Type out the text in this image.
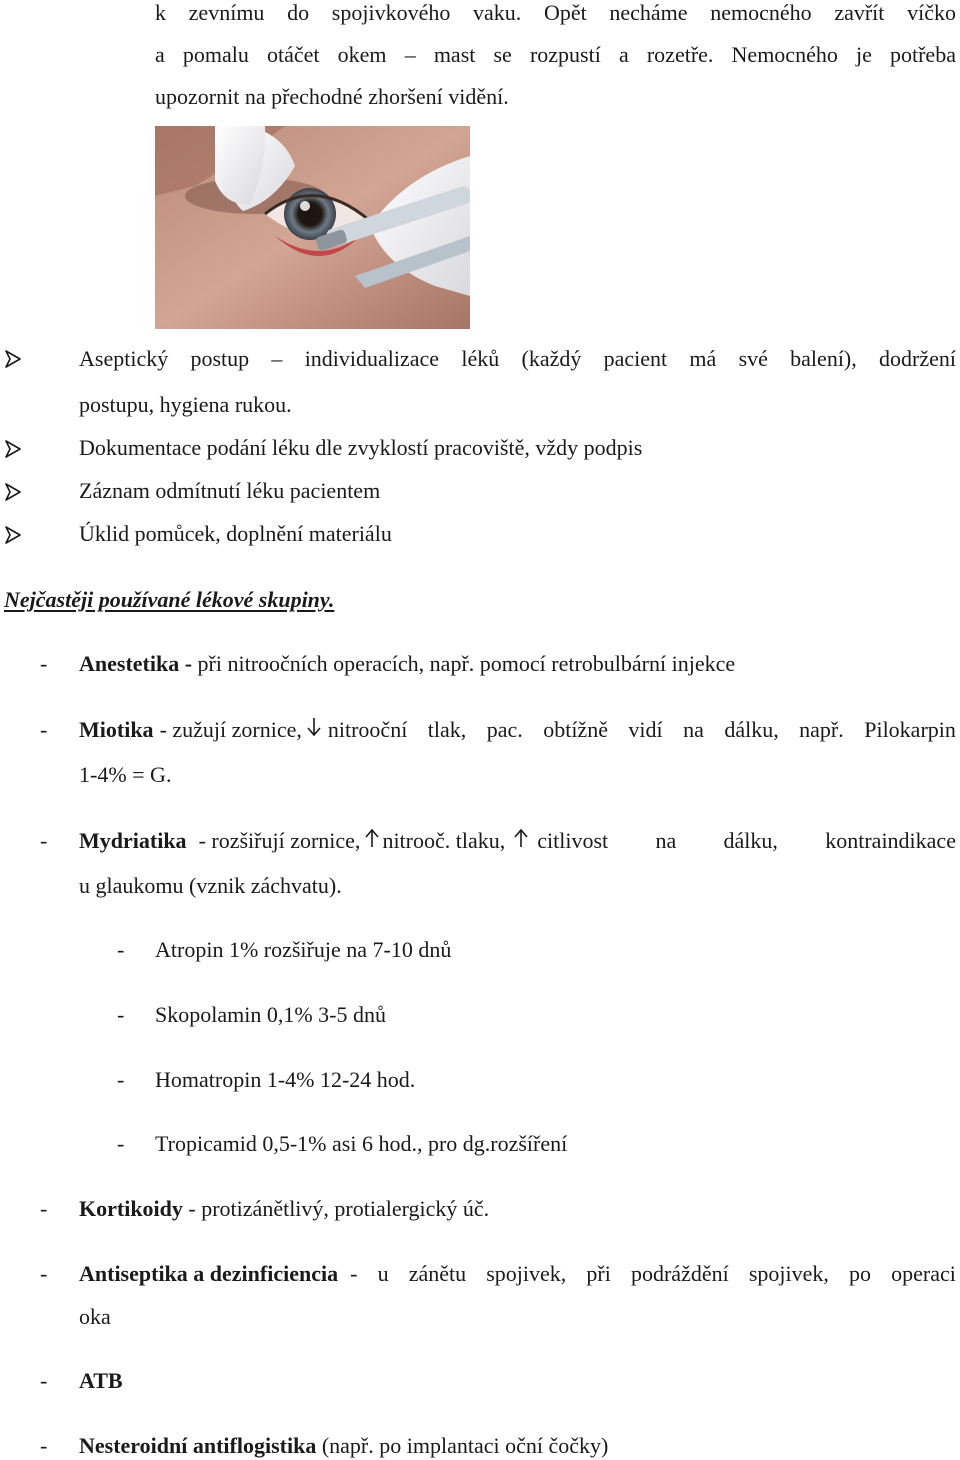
k zevnímu do spojivkového vaku. Opět necháme nemocného zavřít víčko
a pomalu otáčet okem – mast se rozpustí a rozetře. Nemocného je potřeba
upozornit na přechodné zhoršení vidění.
Aseptický postup – individualizace léků (každý pacient má své balení), dodržení
postupu, hygiena rukou.
Dokumentace podání léku dle zvyklostí pracoviště, vždy podpis
Záznam odmítnutí léku pacientem
Úklid pomůcek, doplnění materiálu
Nejčastěji používané lékové skupiny.
- Anestetika - při nitroočních operacích, např. pomocí retrobulbární injekce
- Miotika - zužují zornice, nitrooční tlak, pac. obtížně vidí na dálku, např. Pilokarpin
1-4% = G.
- Mydriatika - rozšiřují zornice, nitrooč. tlaku, citlivost na dálku, kontraindikace
u glaukomu (vznik záchvatu).
- Atropin 1% rozšiřuje na 7-10 dnů
- Skopolamin 0,1% 3-5 dnů
- Homatropin 1-4% 12-24 hod.
- Tropicamid 0,5-1% asi 6 hod., pro dg.rozšíření
- Kortikoidy - protizánětlivý, protialergický úč.
- Antiseptika a dezinficiencia - u zánětu spojivek, při podráždění spojivek, po operaci
oka
- ATB
- Nesteroidní antiflogistika (např. po implantaci oční čočky)
